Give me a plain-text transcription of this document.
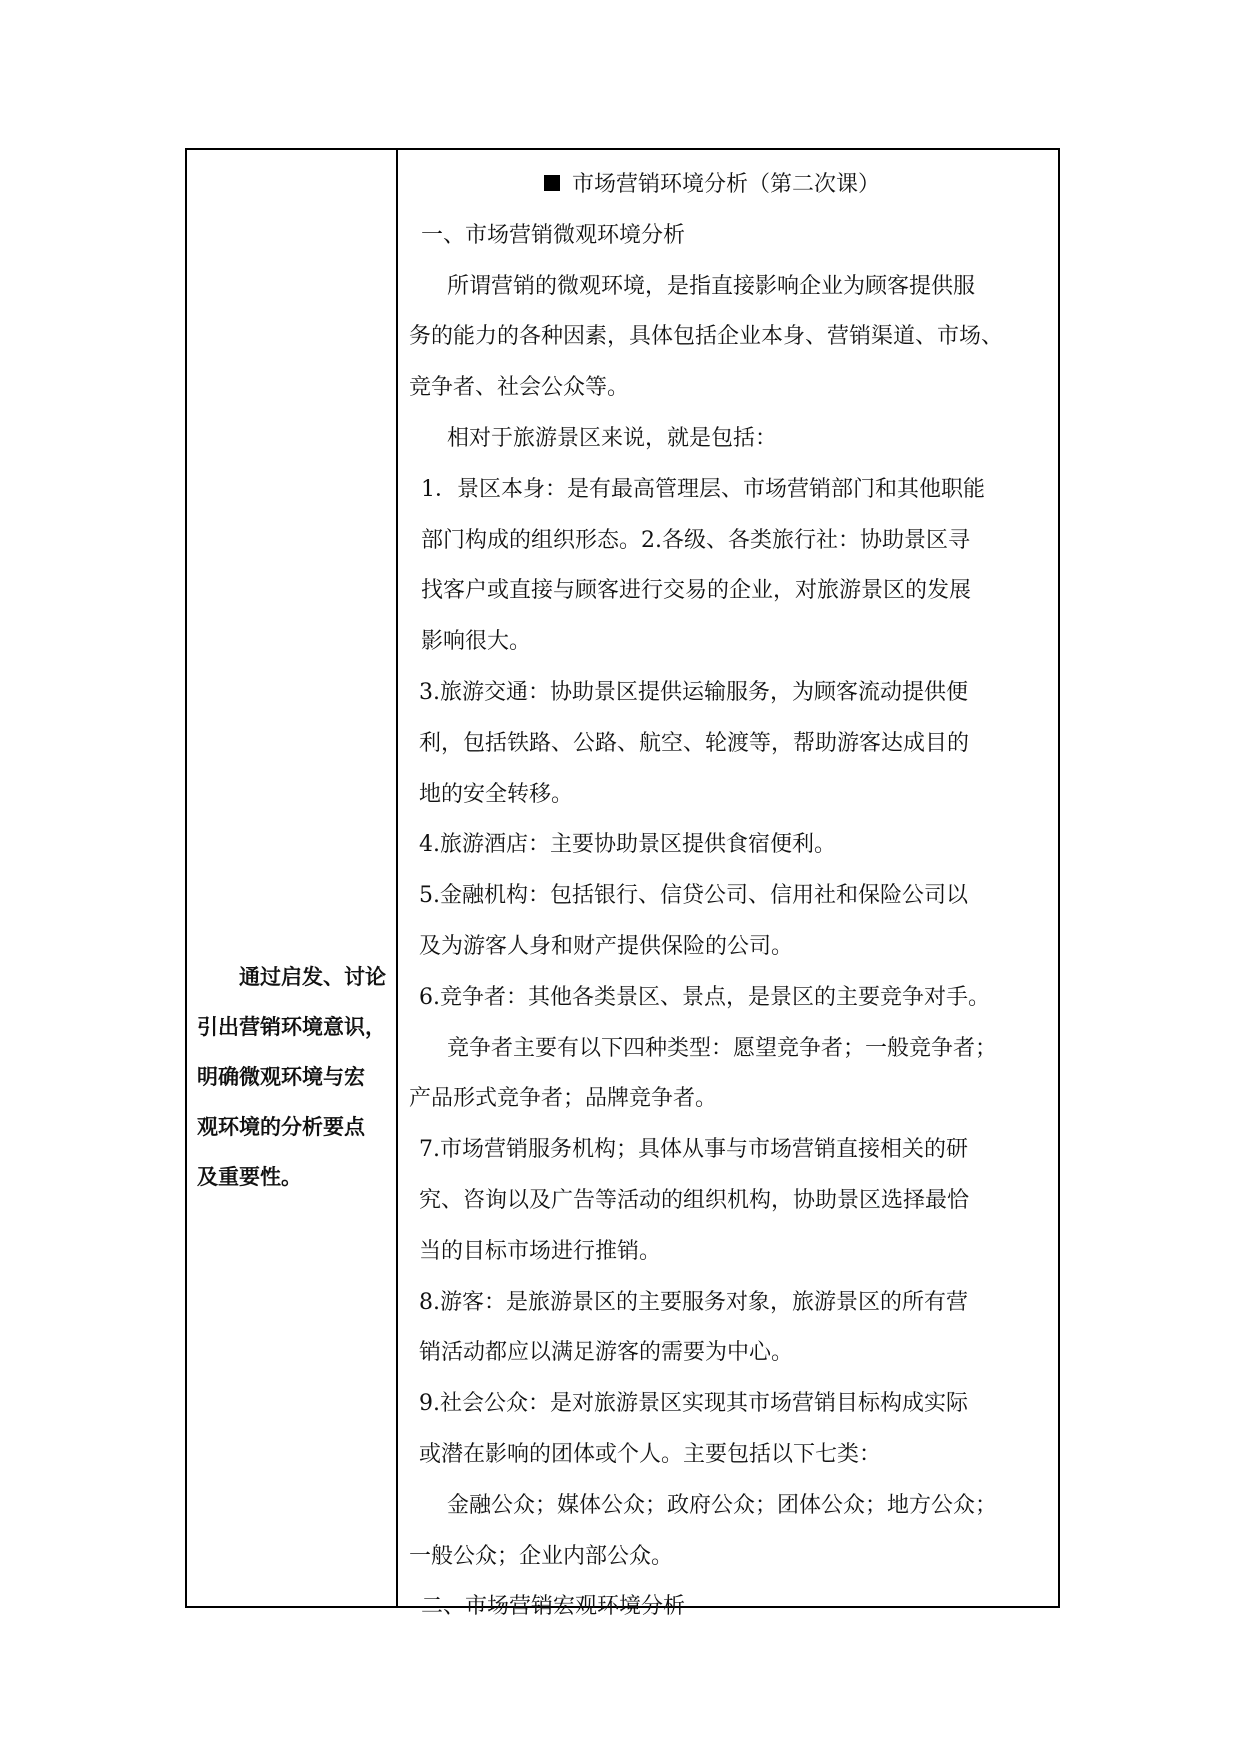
通过启发、讨论
引出营销环境意识，
明确微观环境与宏
观环境的分析要点
及重要性。
市场营销环境分析（第二次课）
一、市场营销微观环境分析
所谓营销的微观环境，是指直接影响企业为顾客提供服
务的能力的各种因素，具体包括企业本身、营销渠道、市场、
竞争者、社会公众等。
相对于旅游景区来说，就是包括：
1．景区本身：是有最高管理层、市场营销部门和其他职能
部门构成的组织形态。2.各级、各类旅行社：协助景区寻
找客户或直接与顾客进行交易的企业，对旅游景区的发展
影响很大。
3.旅游交通：协助景区提供运输服务，为顾客流动提供便
利，包括铁路、公路、航空、轮渡等，帮助游客达成目的
地的安全转移。
4.旅游酒店：主要协助景区提供食宿便利。
5.金融机构：包括银行、信贷公司、信用社和保险公司以
及为游客人身和财产提供保险的公司。
6.竞争者：其他各类景区、景点，是景区的主要竞争对手。
竞争者主要有以下四种类型：愿望竞争者；一般竞争者；
产品形式竞争者；品牌竞争者。
7.市场营销服务机构；具体从事与市场营销直接相关的研
究、咨询以及广告等活动的组织机构，协助景区选择最恰
当的目标市场进行推销。
8.游客：是旅游景区的主要服务对象，旅游景区的所有营
销活动都应以满足游客的需要为中心。
9.社会公众：是对旅游景区实现其市场营销目标构成实际
或潜在影响的团体或个人。主要包括以下七类：
金融公众；媒体公众；政府公众；团体公众；地方公众；
一般公众；企业内部公众。
二、市场营销宏观环境分析
